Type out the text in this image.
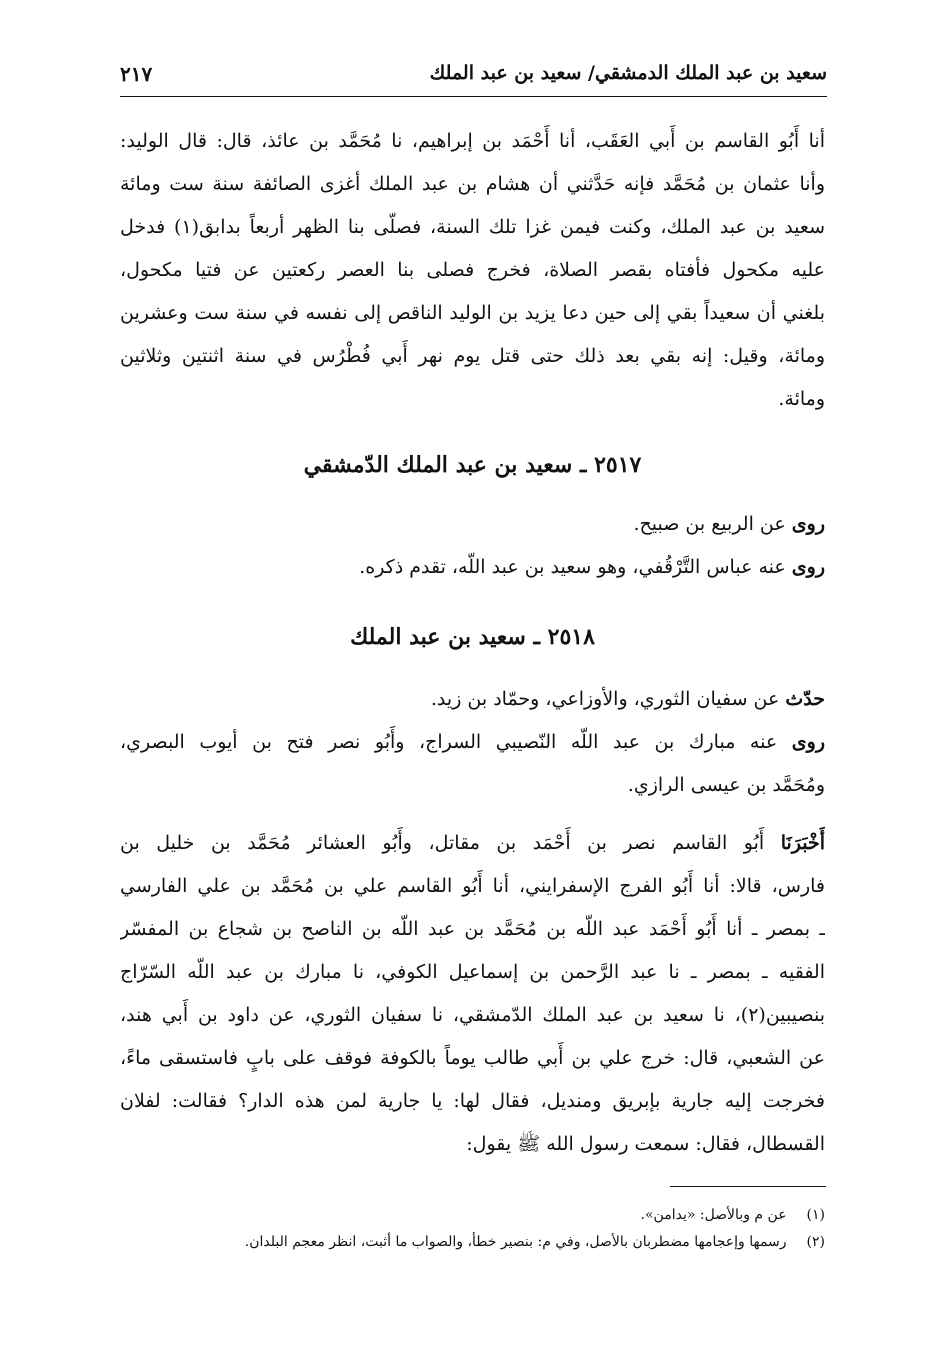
سعيد بن عبد الملك الدمشقي/ سعيد بن عبد الملك
٢١٧
أنا أَبُو القاسم بن أَبي العَقَب، أنا أَحْمَد بن إبراهيم، نا مُحَمَّد بن عائذ، قال: قال الوليد:
وأنا عثمان بن مُحَمَّد فإنه حَدَّثني أن هشام بن عبد الملك أغزى الصائفة سنة ست ومائة
سعيد بن عبد الملك، وكنت فيمن غزا تلك السنة، فصلّى بنا الظهر أربعاً بدابق(١) فدخل
عليه مكحول فأفتاه بقصر الصلاة، فخرج فصلى بنا العصر ركعتين عن فتيا مكحول،
بلغني أن سعيداً بقي إلى حين دعا يزيد بن الوليد الناقص إلى نفسه في سنة ست وعشرين
ومائة، وقيل: إنه بقي بعد ذلك حتى قتل يوم نهر أَبي فُطْرُس في سنة اثنتين وثلاثين
ومائة.
٢٥١٧ ـ سعيد بن عبد الملك الدّمشقي
روى عن الربيع بن صبيح.
روى عنه عباس التَّرْقُفي، وهو سعيد بن عبد اللّه، تقدم ذكره.
٢٥١٨ ـ سعيد بن عبد الملك
حدّث عن سفيان الثوري، والأوزاعي، وحمّاد بن زيد.
روى عنه مبارك بن عبد اللّه النّصيبي السراج، وأَبُو نصر فتح بن أيوب البصري،
ومُحَمَّد بن عيسى الرازي.
أَخْبَرَنَا أَبُو القاسم نصر بن أَحْمَد بن مقاتل، وأَبُو العشائر مُحَمَّد بن خليل بن
فارس، قالا: أنا أَبُو الفرج الإسفرايني، أنا أَبُو القاسم علي بن مُحَمَّد بن علي الفارسي
ـ بمصر ـ أنا أَبُو أَحْمَد عبد اللّه بن مُحَمَّد بن عبد اللّه بن الناصح بن شجاع بن المفسّر
الفقيه ـ بمصر ـ نا عبد الرَّحمن بن إسماعيل الكوفي، نا مبارك بن عبد اللّه السّرّاج
بنصيبين(٢)، نا سعيد بن عبد الملك الدّمشقي، نا سفيان الثوري، عن داود بن أَبي هند،
عن الشعبي، قال: خرج علي بن أَبي طالب يوماً بالكوفة فوقف على بابٍ فاستسقى ماءً،
فخرجت إليه جارية بإبريق ومنديل، فقال لها: يا جارية لمن هذه الدار؟ فقالت: لفلان
القسطال، فقال: سمعت رسول الله ﷺ يقول:
(١) عن م وبالأصل: «يدامن».
(٢) رسمها وإعجامها مضطربان بالأصل، وفي م: بنصير خطأ، والصواب ما أثبت، انظر معجم البلدان.
